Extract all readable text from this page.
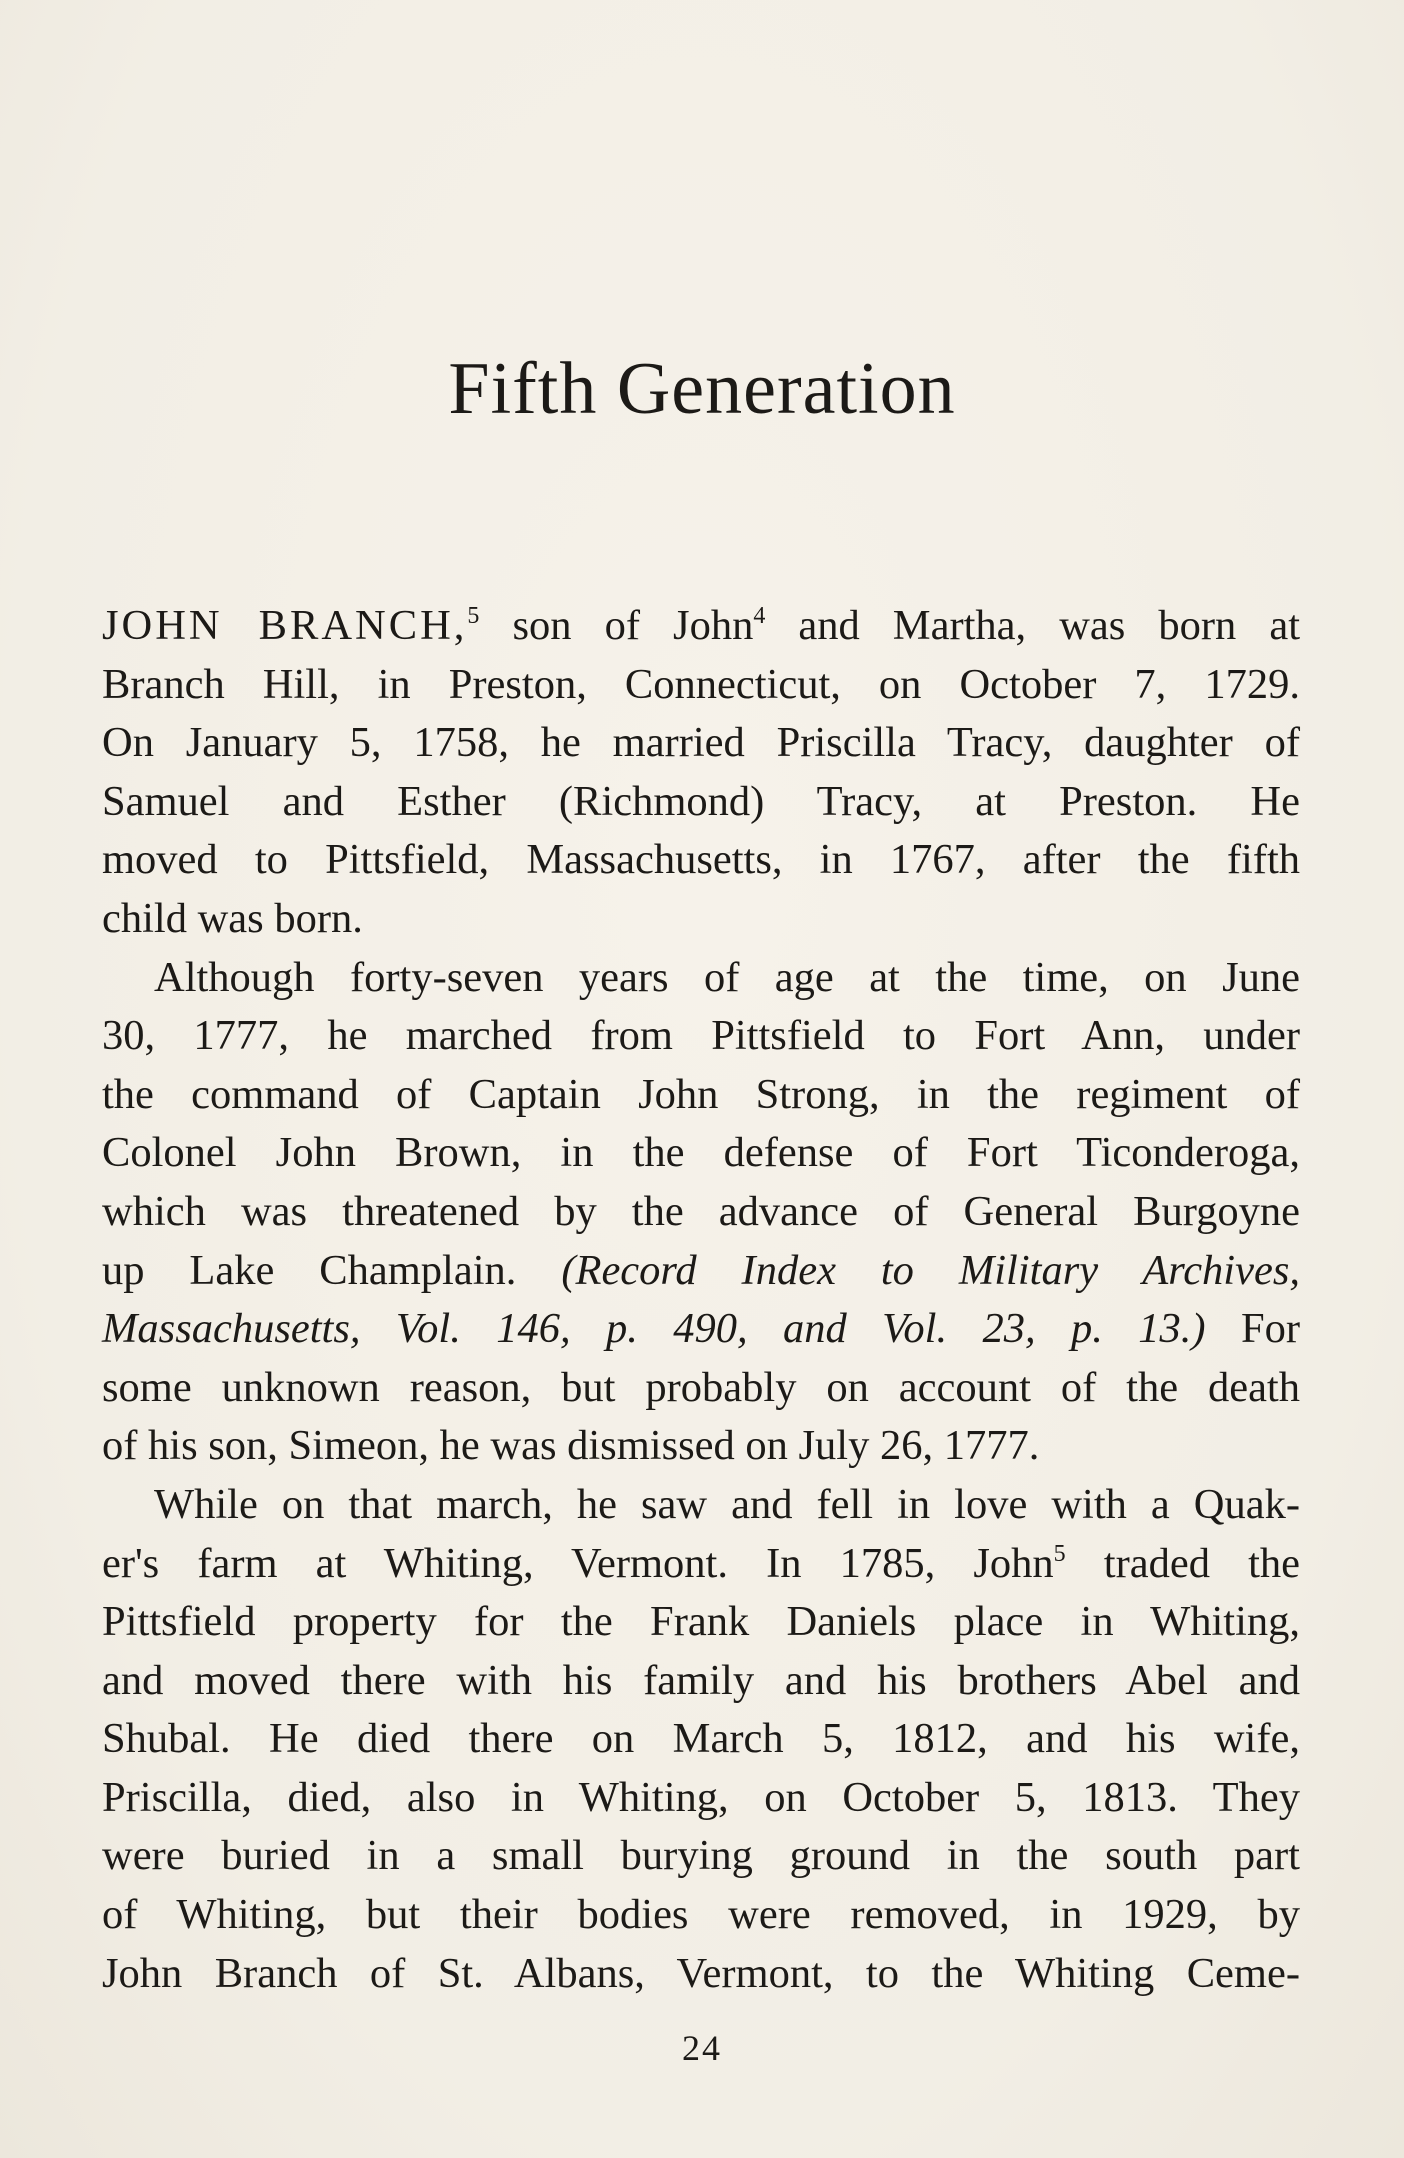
Fifth Generation
JOHN BRANCH,$^5$ son of John$^4$ and Martha, was born at
Branch Hill, in Preston, Connecticut, on October 7, 1729.
On January 5, 1758, he married Priscilla Tracy, daughter of
Samuel and Esther (Richmond) Tracy, at Preston. He
moved to Pittsfield, Massachusetts, in 1767, after the fifth
child was born.
Although forty-seven years of age at the time, on June
30, 1777, he marched from Pittsfield to Fort Ann, under
the command of Captain John Strong, in the regiment of
Colonel John Brown, in the defense of Fort Ticonderoga,
which was threatened by the advance of General Burgoyne
up Lake Champlain. (Record Index to Military Archives,
Massachusetts, Vol. 146, p. 490, and Vol. 23, p. 13.) For
some unknown reason, but probably on account of the death
of his son, Simeon, he was dismissed on July 26, 1777.
While on that march, he saw and fell in love with a Quak-
er's farm at Whiting, Vermont. In 1785, John$^5$ traded the
Pittsfield property for the Frank Daniels place in Whiting,
and moved there with his family and his brothers Abel and
Shubal. He died there on March 5, 1812, and his wife,
Priscilla, died, also in Whiting, on October 5, 1813. They
were buried in a small burying ground in the south part
of Whiting, but their bodies were removed, in 1929, by
John Branch of St. Albans, Vermont, to the Whiting Ceme-
24
